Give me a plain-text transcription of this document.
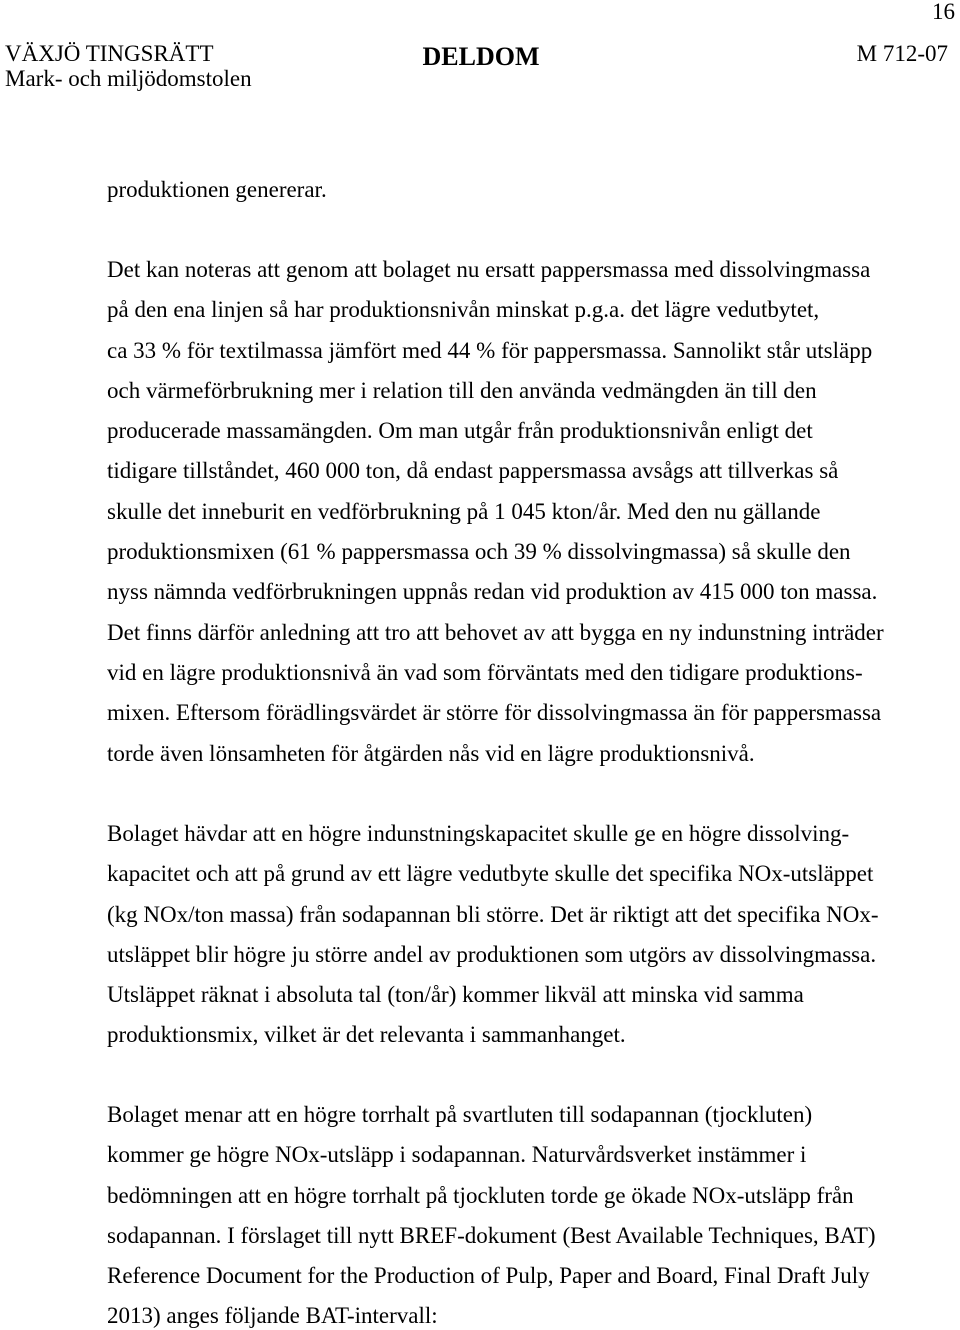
16
VÄXJÖ TINGSRÄTT
Mark- och miljödomstolen
DELDOM	M 712-07
produktionen genererar.
Det kan noteras att genom att bolaget nu ersatt pappersmassa med dissolvingmassa
på den ena linjen så har produktionsnivån minskat p.g.a. det lägre vedutbytet,
ca 33 % för textilmassa jämfört med 44 % för pappersmassa. Sannolikt står utsläpp
och värmeförbrukning mer i relation till den använda vedmängden än till den
producerade massamängden. Om man utgår från produktionsnivån enligt det
tidigare tillståndet, 460 000 ton, då endast pappersmassa avsågs att tillverkas så
skulle det inneburit en vedförbrukning på 1 045 kton/år. Med den nu gällande
produktionsmixen (61 % pappersmassa och 39 % dissolvingmassa) så skulle den
nyss nämnda vedförbrukningen uppnås redan vid produktion av 415 000 ton massa.
Det finns därför anledning att tro att behovet av att bygga en ny indunstning inträder
vid en lägre produktionsnivå än vad som förväntats med den tidigare produktions-
mixen. Eftersom förädlingsvärdet är större för dissolvingmassa än för pappersmassa
torde även lönsamheten för åtgärden nås vid en lägre produktionsnivå.
Bolaget hävdar att en högre indunstningskapacitet skulle ge en högre dissolving-
kapacitet och att på grund av ett lägre vedutbyte skulle det specifika NOx-utsläppet
(kg NOx/ton massa) från sodapannan bli större. Det är riktigt att det specifika NOx-
utsläppet blir högre ju större andel av produktionen som utgörs av dissolvingmassa.
Utsläppet räknat i absoluta tal (ton/år) kommer likväl att minska vid samma
produktionsmix, vilket är det relevanta i sammanhanget.
Bolaget menar att en högre torrhalt på svartluten till sodapannan (tjockluten)
kommer ge högre NOx-utsläpp i sodapannan. Naturvårdsverket instämmer i
bedömningen att en högre torrhalt på tjockluten torde ge ökade NOx-utsläpp från
sodapannan. I förslaget till nytt BREF-dokument (Best Available Techniques, BAT)
Reference Document for the Production of Pulp, Paper and Board, Final Draft July
2013) anges följande BAT-intervall:
